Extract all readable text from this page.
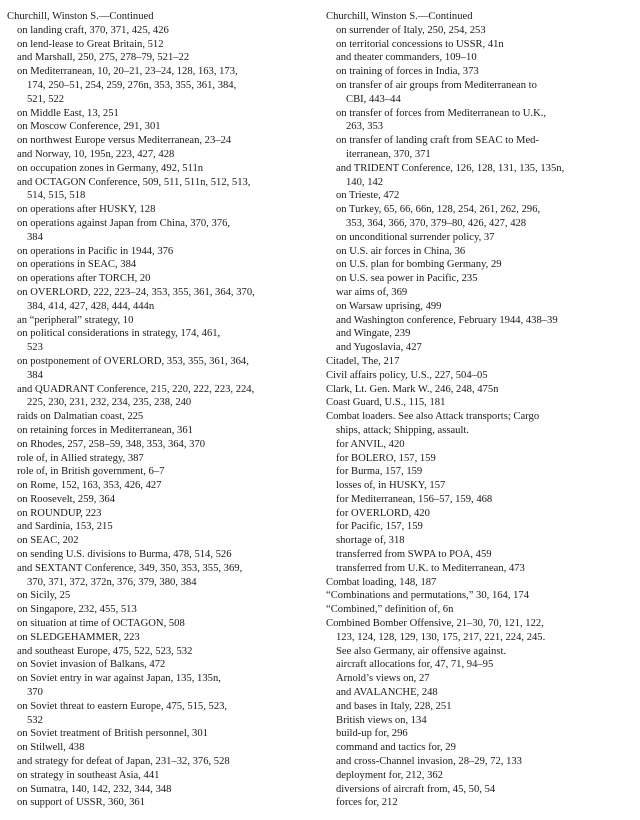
Churchill, Winston S.—Continued
on landing craft, 370, 371, 425, 426
on lend-lease to Great Britain, 512
and Marshall, 250, 275, 278–79, 521–22
on Mediterranean, 10, 20–21, 23–24, 128, 163, 173,
174, 250–51, 254, 259, 276n, 353, 355, 361, 384,
521, 522
on Middle East, 13, 251
on Moscow Conference, 291, 301
on northwest Europe versus Mediterranean, 23–24
and Norway, 10, 195n, 223, 427, 428
on occupation zones in Germany, 492, 511n
and OCTAGON Conference, 509, 511, 511n, 512, 513,
514, 515, 518
on operations after HUSKY, 128
on operations against Japan from China, 370, 376,
384
on operations in Pacific in 1944, 376
on operations in SEAC, 384
on operations after TORCH, 20
on OVERLORD, 222, 223–24, 353, 355, 361, 364, 370,
384, 414, 427, 428, 444, 444n
an “peripheral” strategy, 10
on political considerations in strategy, 174, 461,
523
on postponement of OVERLORD, 353, 355, 361, 364,
384
and QUADRANT Conference, 215, 220, 222, 223, 224,
225, 230, 231, 232, 234, 235, 238, 240
raids on Dalmatian coast, 225
on retaining forces in Mediterranean, 361
on Rhodes, 257, 258–59, 348, 353, 364, 370
role of, in Allied strategy, 387
role of, in British government, 6–7
on Rome, 152, 163, 353, 426, 427
on Roosevelt, 259, 364
on ROUNDUP, 223
and Sardinia, 153, 215
on SEAC, 202
on sending U.S. divisions to Burma, 478, 514, 526
and SEXTANT Conference, 349, 350, 353, 355, 369,
370, 371, 372, 372n, 376, 379, 380, 384
on Sicily, 25
on Singapore, 232, 455, 513
on situation at time of OCTAGON, 508
on SLEDGEHAMMER, 223
and southeast Europe, 475, 522, 523, 532
on Soviet invasion of Balkans, 472
on Soviet entry in war against Japan, 135, 135n,
370
on Soviet threat to eastern Europe, 475, 515, 523,
532
on Soviet treatment of British personnel, 301
on Stilwell, 438
and strategy for defeat of Japan, 231–32, 376, 528
on strategy in southeast Asia, 441
on Sumatra, 140, 142, 232, 344, 348
on support of USSR, 360, 361
Churchill, Winston S.—Continued
on surrender of Italy, 250, 254, 253
on territorial concessions to USSR, 41n
and theater commanders, 109–10
on training of forces in India, 373
on transfer of air groups from Mediterranean to
CBI, 443–44
on transfer of forces from Mediterranean to U.K.,
263, 353
on transfer of landing craft from SEAC to Med-
iterranean, 370, 371
and TRIDENT Conference, 126, 128, 131, 135, 135n,
140, 142
on Trieste, 472
on Turkey, 65, 66, 66n, 128, 254, 261, 262, 296,
353, 364, 366, 370, 379–80, 426, 427, 428
on unconditional surrender policy, 37
on U.S. air forces in China, 36
on U.S. plan for bombing Germany, 29
on U.S. sea power in Pacific, 235
war aims of, 369
on Warsaw uprising, 499
and Washington conference, February 1944, 438–39
and Wingate, 239
and Yugoslavia, 427
Citadel, The, 217
Civil affairs policy, U.S., 227, 504–05
Clark, Lt. Gen. Mark W., 246, 248, 475n
Coast Guard, U.S., 115, 181
Combat loaders. See also Attack transports; Cargo
ships, attack; Shipping, assault.
for ANVIL, 420
for BOLERO, 157, 159
for Burma, 157, 159
losses of, in HUSKY, 157
for Mediterranean, 156–57, 159, 468
for OVERLORD, 420
for Pacific, 157, 159
shortage of, 318
transferred from SWPA to POA, 459
transferred from U.K. to Mediterranean, 473
Combat loading, 148, 187
“Combinations and permutations,” 30, 164, 174
“Combined,” definition of, 6n
Combined Bomber Offensive, 21–30, 70, 121, 122,
123, 124, 128, 129, 130, 175, 217, 221, 224, 245.
See also Germany, air offensive against.
aircraft allocations for, 47, 71, 94–95
Arnold’s views on, 27
and AVALANCHE, 248
and bases in Italy, 228, 251
British views on, 134
build-up for, 296
command and tactics for, 29
and cross-Channel invasion, 28–29, 72, 133
deployment for, 212, 362
diversions of aircraft from, 45, 50, 54
forces for, 212
